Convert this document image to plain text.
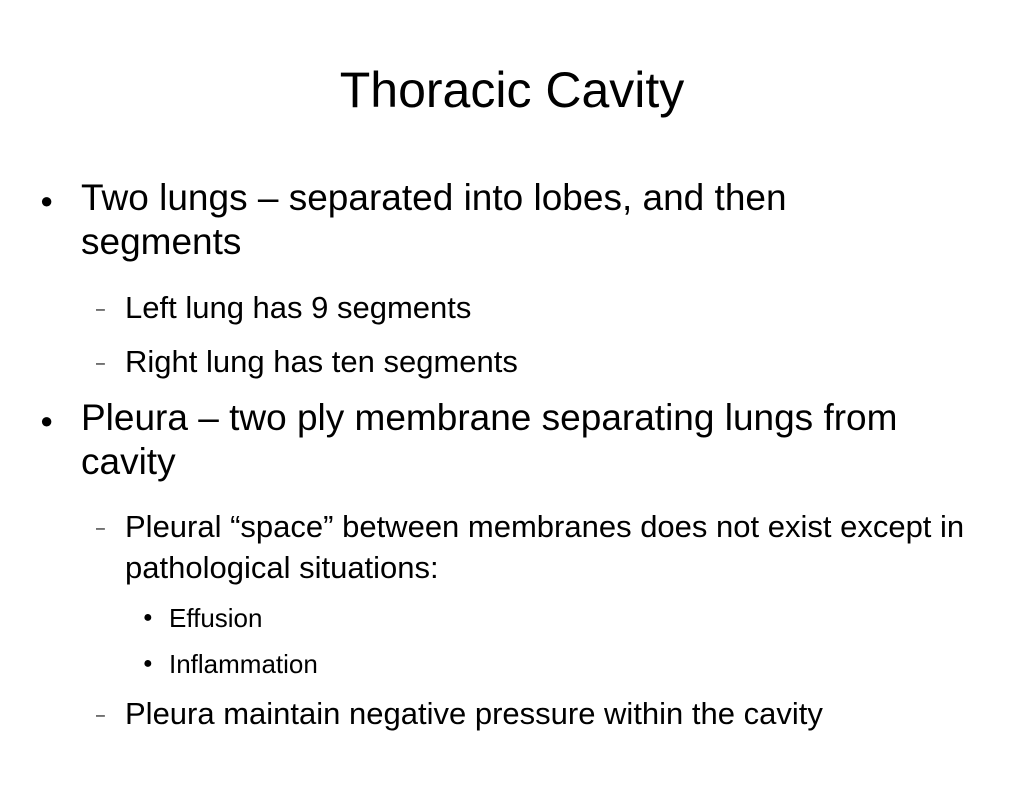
Thoracic Cavity
● Two lungs – separated into lobes, and then segments
– Left lung has 9 segments
– Right lung has ten segments
● Pleura – two ply membrane separating lungs from cavity
– Pleural “space” between membranes does not exist except in pathological situations:
● Effusion
● Inflammation
– Pleura maintain negative pressure within the cavity
